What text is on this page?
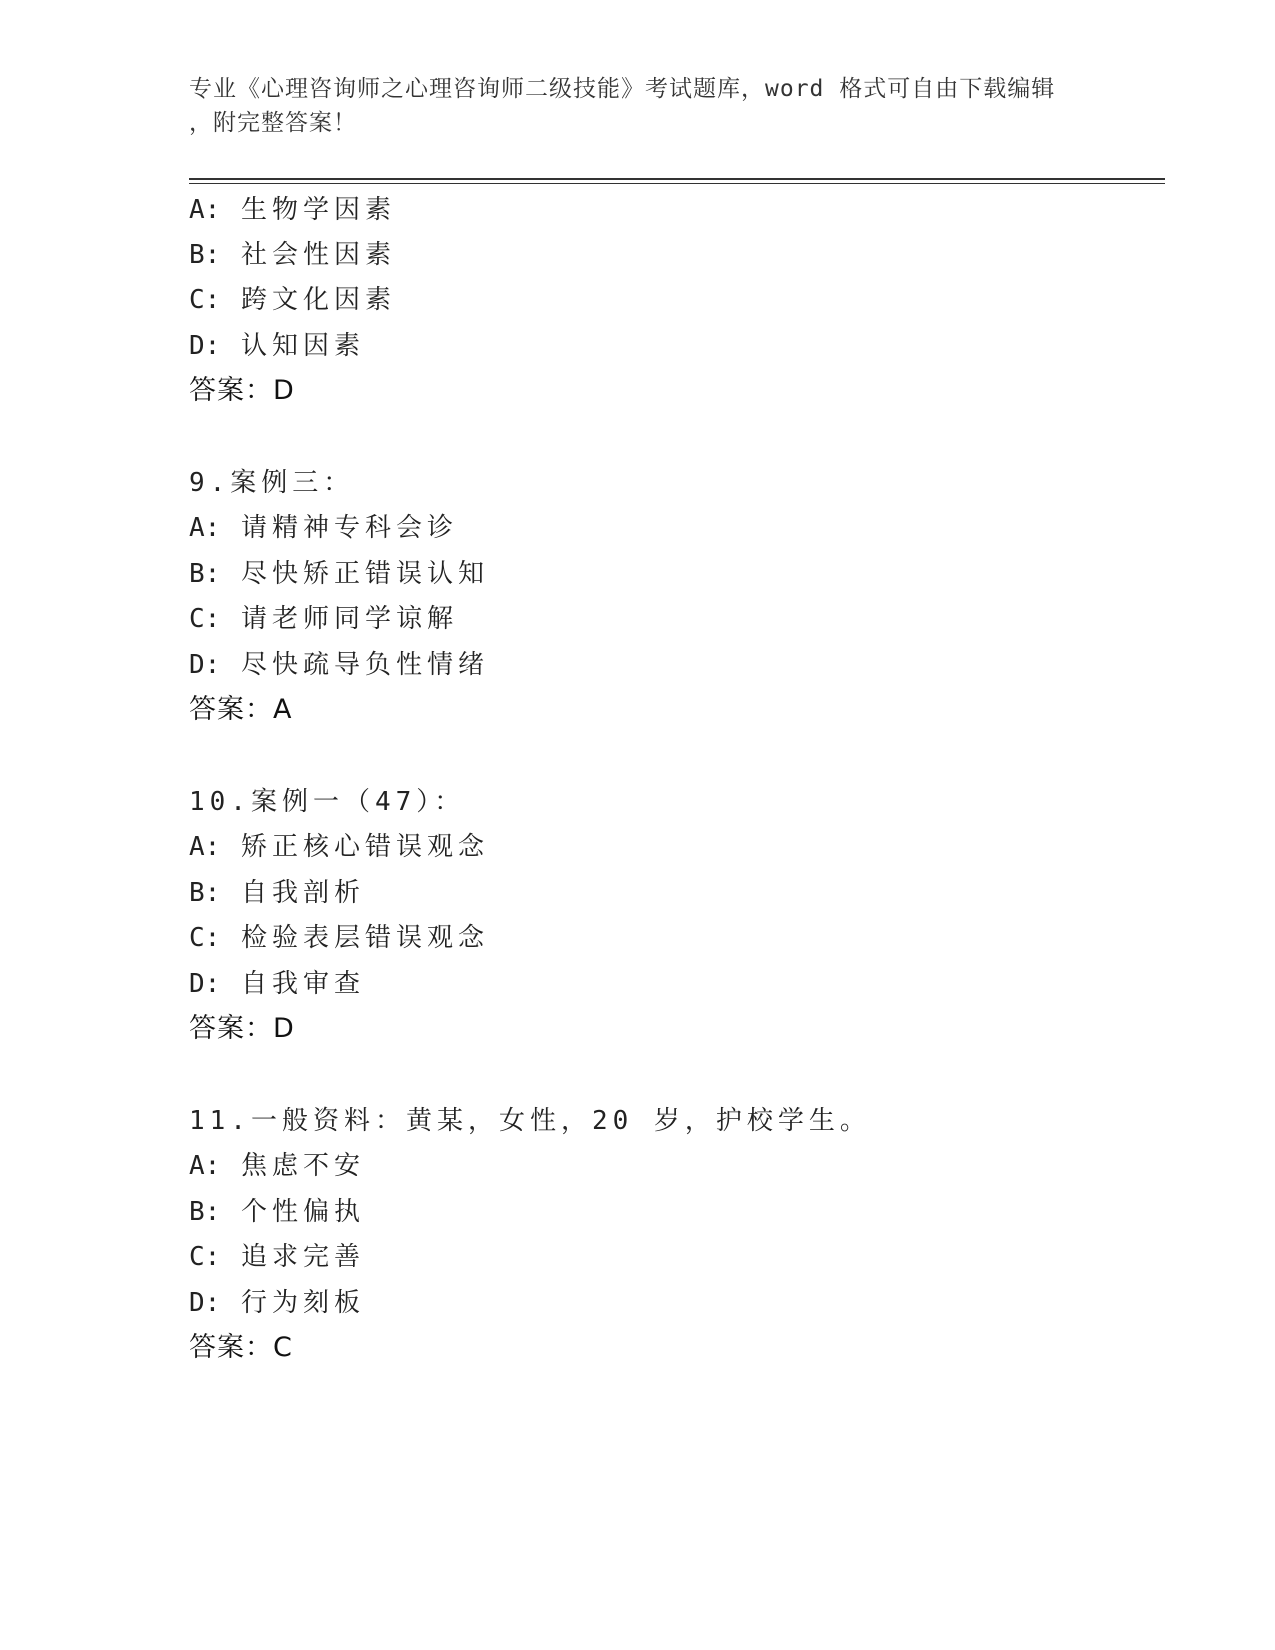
专业《心理咨询师之心理咨询师二级技能》考试题库，word 格式可自由下载编辑
，附完整答案！
A: 生物学因素
B: 社会性因素
C: 跨文化因素
D: 认知因素
答案：D
9.案例三：
A: 请精神专科会诊
B: 尽快矫正错误认知
C: 请老师同学谅解
D: 尽快疏导负性情绪
答案：A
10.案例一（47）：
A: 矫正核心错误观念
B: 自我剖析
C: 检验表层错误观念
D: 自我审查
答案：D
11.一般资料：黄某，女性，20 岁，护校学生。
A: 焦虑不安
B: 个性偏执
C: 追求完善
D: 行为刻板
答案：C
